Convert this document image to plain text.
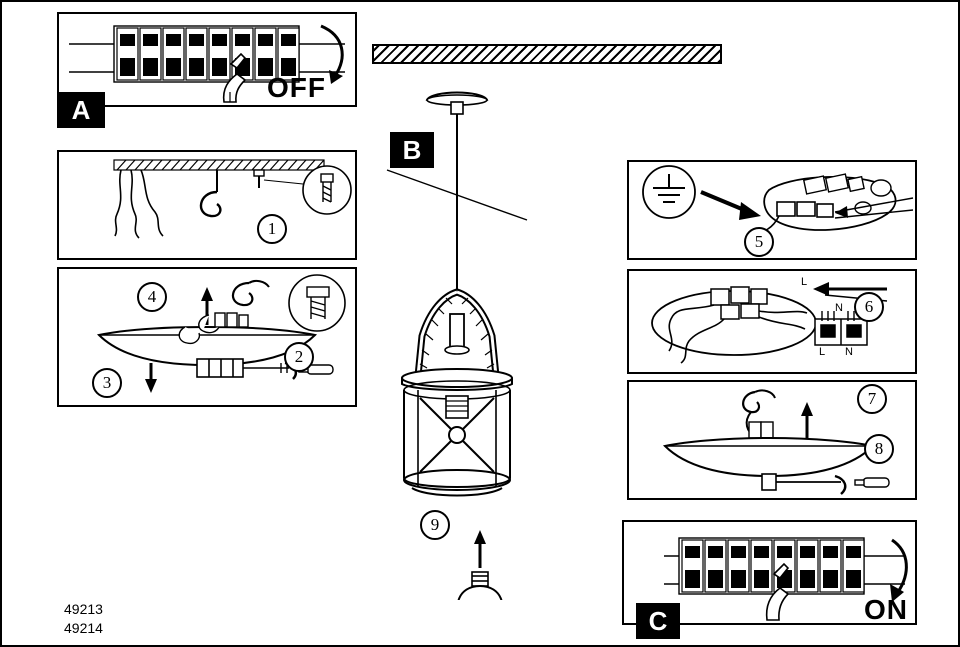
A
OFF
1
4
2
3
B
9
5
L
N
L N
6
7
8
C	ON
49213
49214
